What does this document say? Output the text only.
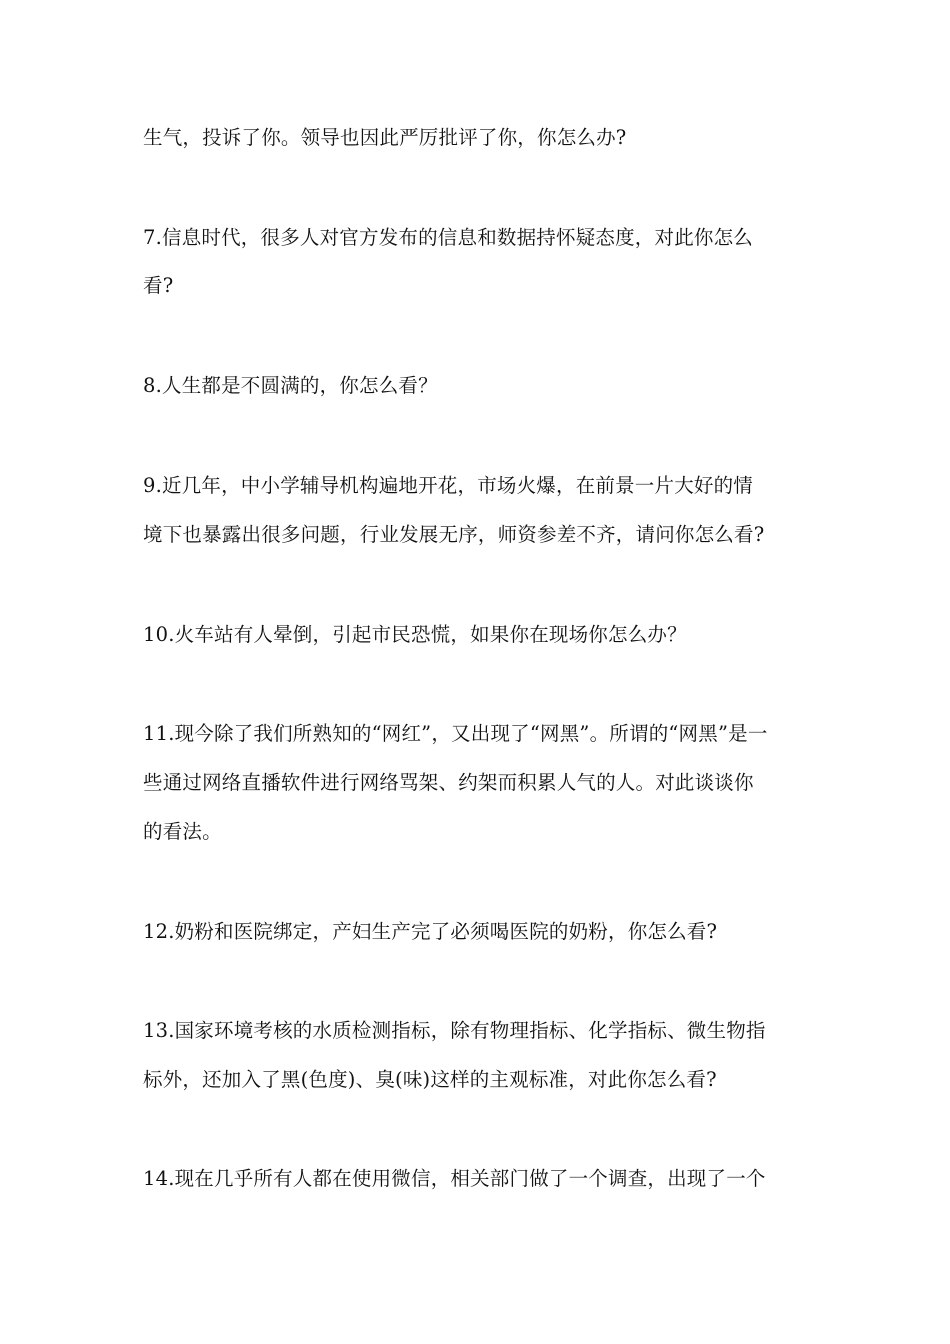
生气，投诉了你。领导也因此严厉批评了你，你怎么办?
7.信息时代，很多人对官方发布的信息和数据持怀疑态度，对此你怎么
看?
8.人生都是不圆满的，你怎么看？
9.近几年，中小学辅导机构遍地开花，市场火爆，在前景一片大好的情
境下也暴露出很多问题，行业发展无序，师资参差不齐，请问你怎么看?
10.火车站有人晕倒，引起市民恐慌，如果你在现场你怎么办？
11.现今除了我们所熟知的“网红”，又出现了“网黑”。所谓的“网黑”是一
些通过网络直播软件进行网络骂架、约架而积累人气的人。对此谈谈你
的看法。
12.奶粉和医院绑定，产妇生产完了必须喝医院的奶粉，你怎么看?
13.国家环境考核的水质检测指标，除有物理指标、化学指标、微生物指
标外，还加入了黑(色度)、臭(味)这样的主观标准，对此你怎么看?
14.现在几乎所有人都在使用微信，相关部门做了一个调查，出现了一个
